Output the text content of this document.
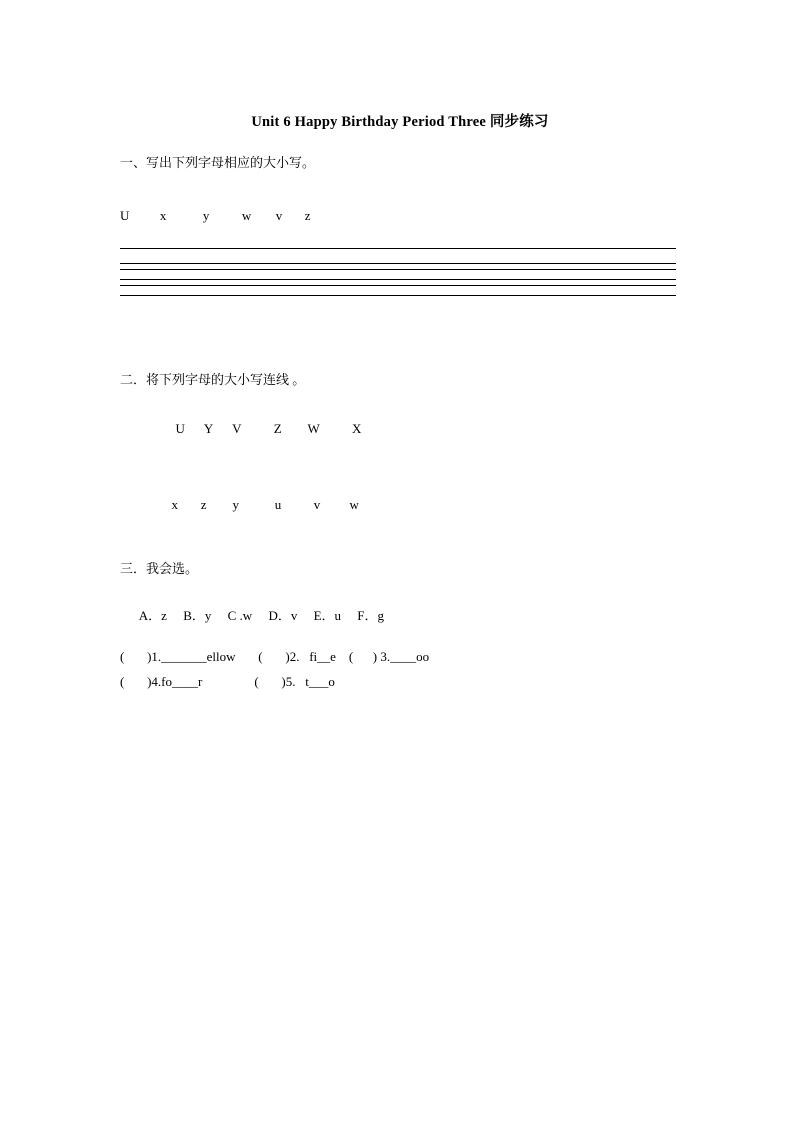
Unit 6 Happy Birthday Period Three 同步练习
一、写出下列字母相应的大小写。
U x	y w v z
二．将下列字母的大小写连线 。

U Y V	Z W	X

x z y	u	v w

三．我会选。

A．z B．y C .w D．v E．u F．g

(       )1._______ellow       (       )2.   fi__e    (      ) 3.____oo
(       )4.fo____r                (       )5.   t___o
